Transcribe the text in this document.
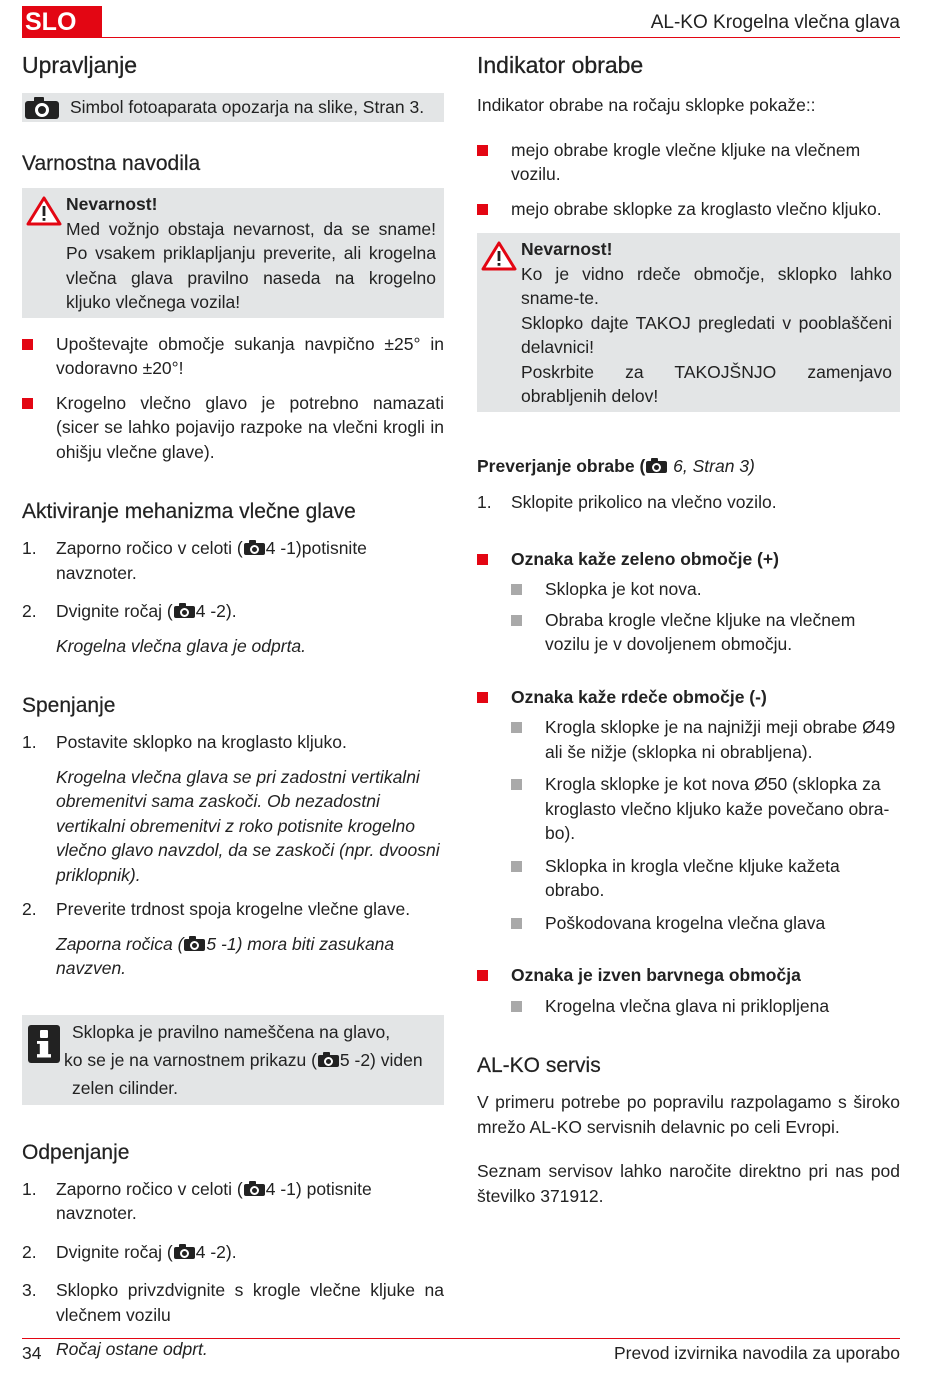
SLO	AL-KO Krogelna vlečna glava
Upravljanje
Simbol fotoaparata opozarja na slike, Stran 3.
Varnostna navodila
Nevarnost!
Med vožnjo obstaja nevarnost, da se sname! Po vsakem priklapljanju preverite, ali krogelna vlečna glava pravilno naseda na krogelno kljuko vlečnega vozila!
Upoštevajte območje sukanja navpično ±25° in vodoravno ±20°!
Krogelno vlečno glavo je potrebno namazati (sicer se lahko pojavijo razpoke na vlečni krogli in ohišju vlečne glave).
Aktiviranje mehanizma vlečne glave
1. Zaporno ročico v celoti ( 4 -1)potisnite navznoter.
2. Dvignite ročaj ( 4 -2).
Krogelna vlečna glava je odprta.
Spenjanje
1. Postavite sklopko na kroglasto kljuko.
Krogelna vlečna glava se pri zadostni vertikalni obremenitvi sama zaskoči. Ob nezadostni vertikalni obremenitvi z roko potisnite krogelno vlečno glavo navzdol, da se zaskoči (npr. dvoosni priklopnik).
2. Preverite trdnost spoja krogelne vlečne glave.
Zaporna ročica ( 5 -1) mora biti zasukana navzven.
Sklopka je pravilno nameščena na glavo,
ko se je na varnostnem prikazu ( 5 -2) viden
zelen cilinder.
Odpenjanje
1. Zaporno ročico v celoti ( 4 -1) potisnite navznoter.
2. Dvignite ročaj ( 4 -2).
3. Sklopko privzdvignite s krogle vlečne kljuke na vlečnem vozilu
Ročaj ostane odprt.
Indikator obrabe
Indikator obrabe na ročaju sklopke pokaže::
mejo obrabe krogle vlečne kljuke na vlečnem vozilu.
mejo obrabe sklopke za kroglasto vlečno kljuko.
Nevarnost!
Ko je vidno rdeče območje, sklopko lahko sname-te.
Sklopko dajte TAKOJ pregledati v pooblaščeni delavnici!
Poskrbite za TAKOJŠNJO zamenjavo obrabljenih delov!
Preverjanje obrabe ( 6, Stran 3)
1. Sklopite prikolico na vlečno vozilo.
Oznaka kaže zeleno območje (+)
Sklopka je kot nova.
Obraba krogle vlečne kljuke na vlečnem vozilu je v dovoljenem območju.
Oznaka kaže rdeče območje (-)
Krogla sklopke je na najnižji meji obrabe Ø49 ali še nižje (sklopka ni obrabljena).
Krogla sklopke je kot nova Ø50 (sklopka za kroglasto vlečno kljuko kaže povečano obra-bo).
Sklopka in krogla vlečne kljuke kažeta obrabo.
Poškodovana krogelna vlečna glava
Oznaka je izven barvnega območja
Krogelna vlečna glava ni priklopljena
AL-KO servis
V primeru potrebe po popravilu razpolagamo s široko mrežo AL-KO servisnih delavnic po celi Evropi.
Seznam servisov lahko naročite direktno pri nas pod številko 371912.
34	Prevod izvirnika navodila za uporabo
